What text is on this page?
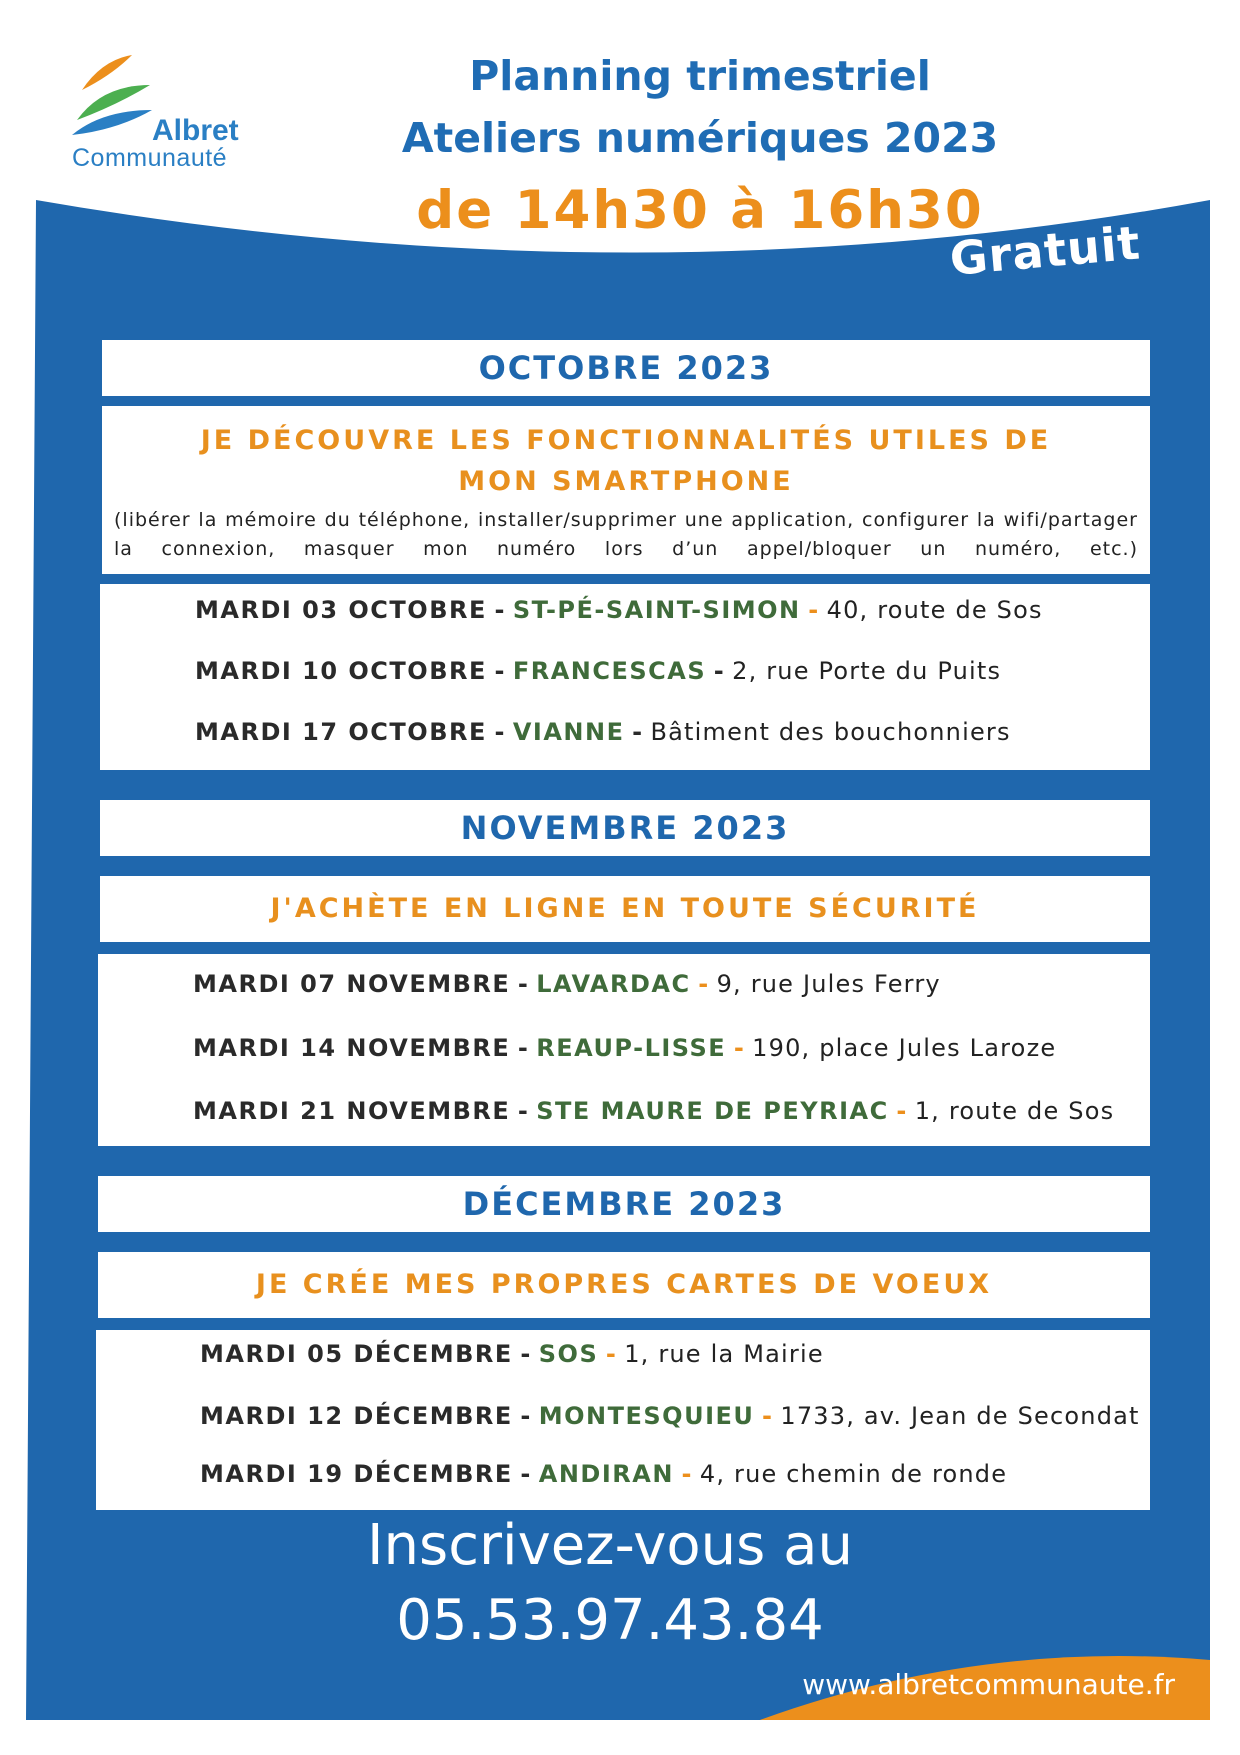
Albret
Communauté
Planning trimestriel
Ateliers numériques 2023
de 14h30 à 16h30
Gratuit
OCTOBRE 2023
JE DÉCOUVRE LES FONCTIONNALITÉS UTILES DE MON SMARTPHONE
(libérer la mémoire du téléphone, installer/supprimer une application, configurer la wifi/partager la connexion, masquer mon numéro lors d’un appel/bloquer un numéro, etc.)
MARDI 03 OCTOBRE - ST-PÉ-SAINT-SIMON - 40, route de Sos
MARDI 10 OCTOBRE - FRANCESCAS - 2, rue Porte du Puits
MARDI 17 OCTOBRE - VIANNE - Bâtiment des bouchonniers
NOVEMBRE 2023
J'ACHÈTE EN LIGNE EN TOUTE SÉCURITÉ
MARDI 07 NOVEMBRE - LAVARDAC - 9, rue Jules Ferry
MARDI 14 NOVEMBRE - REAUP-LISSE - 190, place Jules Laroze
MARDI 21 NOVEMBRE - STE MAURE DE PEYRIAC - 1, route de Sos
DÉCEMBRE 2023
JE CRÉE MES PROPRES CARTES DE VOEUX
MARDI 05 DÉCEMBRE - SOS - 1, rue la Mairie
MARDI 12 DÉCEMBRE - MONTESQUIEU - 1733, av. Jean de Secondat
MARDI 19 DÉCEMBRE - ANDIRAN - 4, rue chemin de ronde
Inscrivez-vous au
05.53.97.43.84
www.albretcommunaute.fr
